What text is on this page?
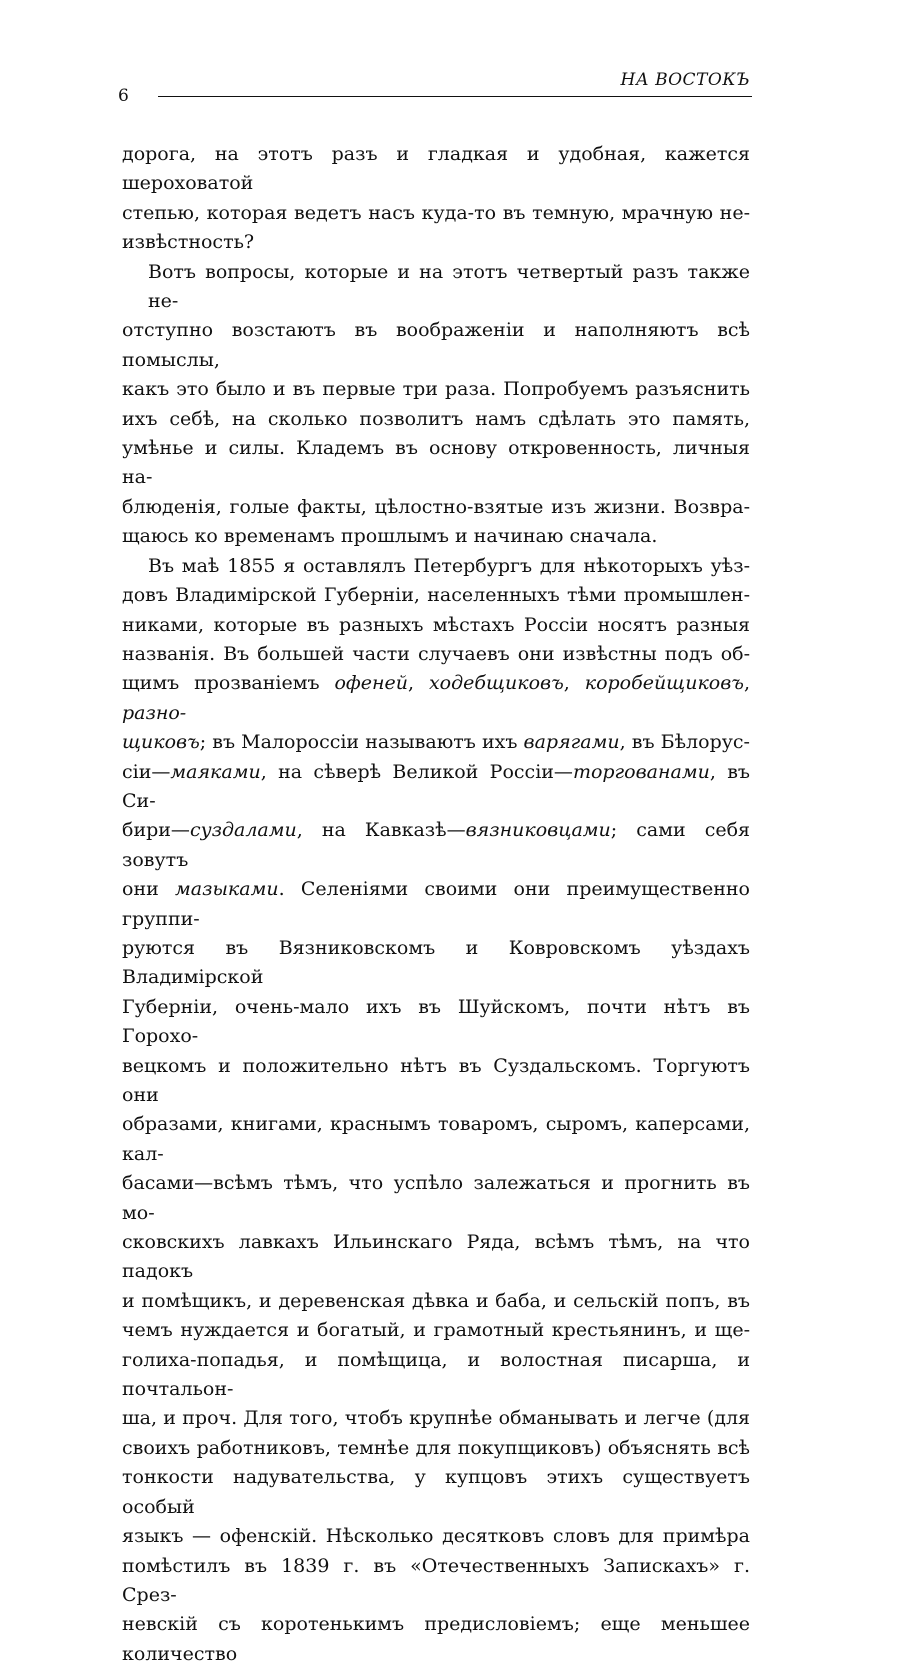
6
НА ВОСТОКЪ

дорога, на этотъ разъ и гладкая и удобная, кажется шероховатой
степью, которая ведетъ насъ куда-то въ темную, мрачную не-
извѣстность?

Вотъ вопросы, которые и на этотъ четвертый разъ также не-
отступно возстаютъ въ воображеніи и наполняютъ всѣ помыслы,
какъ это было и въ первые три раза. Попробуемъ разъяснить
ихъ себѣ, на сколько позволитъ намъ сдѣлать это память,
умѣнье и силы. Кладемъ въ основу откровенность, личныя на-
блюденія, голые факты, цѣлостно-взятые изъ жизни. Возвра-
щаюсь ко временамъ прошлымъ и начинаю сначала.

Въ маѣ 1855 я оставлялъ Петербургъ для нѣкоторыхъ уѣз-
довъ Владимірской Губерніи, населенныхъ тѣми промышлен-
никами, которые въ разныхъ мѣстахъ Россіи носятъ разныя
названія. Въ большей части случаевъ они извѣстны подъ об-
щимъ прозваніемъ офеней, ходебщиковъ, коробейщиковъ, разно-
щиковъ; въ Малороссіи называютъ ихъ варягами, въ Бѣлорус-
сіи—маяками, на сѣверѣ Великой Россіи—торгованами, въ Си-
бири—суздалами, на Кавказѣ—вязниковцами; сами себя зовутъ
они мазыками. Селеніями своими они преимущественно группи-
руются въ Вязниковскомъ и Ковровскомъ уѣздахъ Владимірской
Губерніи, очень-мало ихъ въ Шуйскомъ, почти нѣтъ въ Горохо-
вецкомъ и положительно нѣтъ въ Суздальскомъ. Торгуютъ они
образами, книгами, краснымъ товаромъ, сыромъ, каперсами, кал-
басами—всѣмъ тѣмъ, что успѣло залежаться и прогнить въ мо-
сковскихъ лавкахъ Ильинскаго Ряда, всѣмъ тѣмъ, на что падокъ
и помѣщикъ, и деревенская дѣвка и баба, и сельскій попъ, въ
чемъ нуждается и богатый, и грамотный крестьянинъ, и ще-
голиха-попадья, и помѣщица, и волостная писарша, и почтальон-
ша, и проч. Для того, чтобъ крупнѣе обманывать и легче (для
своихъ работниковъ, темнѣе для покупщиковъ) объяснять всѣ
тонкости надувательства, у купцовъ этихъ существуетъ особый
языкъ — офенскій. Нѣсколько десятковъ словъ для примѣра
помѣстилъ въ 1839 г. въ «Отечественныхъ Запискахъ» г. Срез-
невскій съ коротенькимъ предисловіемъ; еще меньшее количество
